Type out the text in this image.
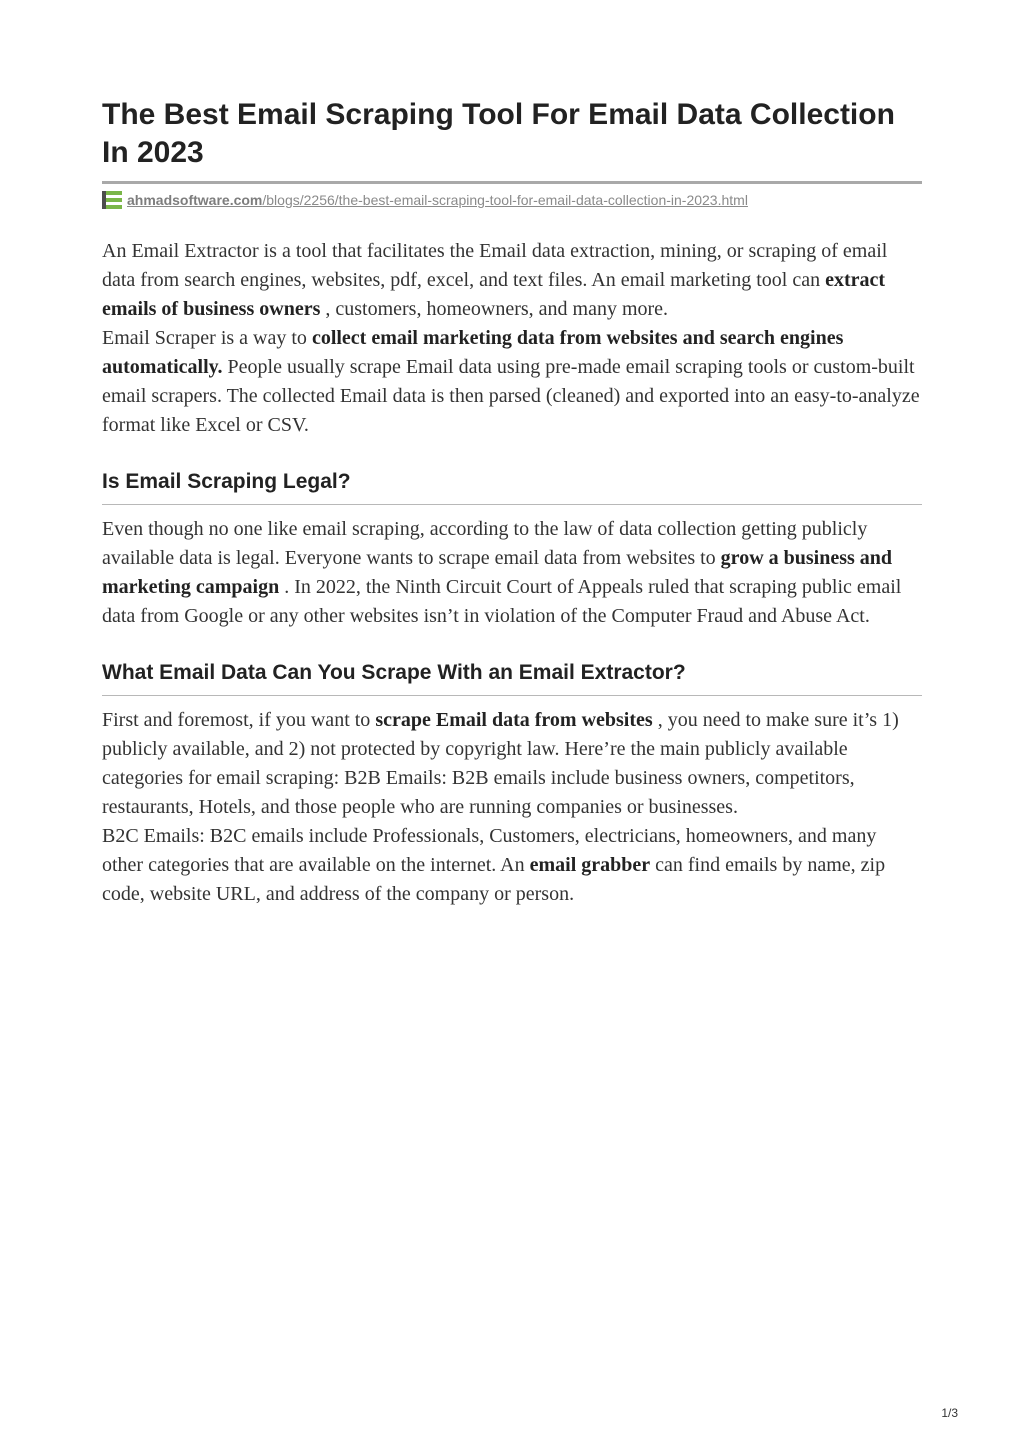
The Best Email Scraping Tool For Email Data Collection In 2023
ahmadsoftware.com/blogs/2256/the-best-email-scraping-tool-for-email-data-collection-in-2023.html

An Email Extractor is a tool that facilitates the Email data extraction, mining, or scraping of email data from search engines, websites, pdf, excel, and text files. An email marketing tool can extract emails of business owners , customers, homeowners, and many more.

Email Scraper is a way to collect email marketing data from websites and search engines automatically. People usually scrape Email data using pre-made email scraping tools or custom-built email scrapers. The collected Email data is then parsed (cleaned) and exported into an easy-to-analyze format like Excel or CSV.

Is Email Scraping Legal?

Even though no one like email scraping, according to the law of data collection getting publicly available data is legal. Everyone wants to scrape email data from websites to grow a business and marketing campaign . In 2022, the Ninth Circuit Court of Appeals ruled that scraping public email data from Google or any other websites isn’t in violation of the Computer Fraud and Abuse Act.

What Email Data Can You Scrape With an Email Extractor?

First and foremost, if you want to scrape Email data from websites , you need to make sure it’s 1) publicly available, and 2) not protected by copyright law. Here’re the main publicly available categories for email scraping: B2B Emails: B2B emails include business owners, competitors, restaurants, Hotels, and those people who are running companies or businesses.

B2C Emails: B2C emails include Professionals, Customers, electricians, homeowners, and many other categories that are available on the internet. An email grabber can find emails by name, zip code, website URL, and address of the company or person.

1/3
